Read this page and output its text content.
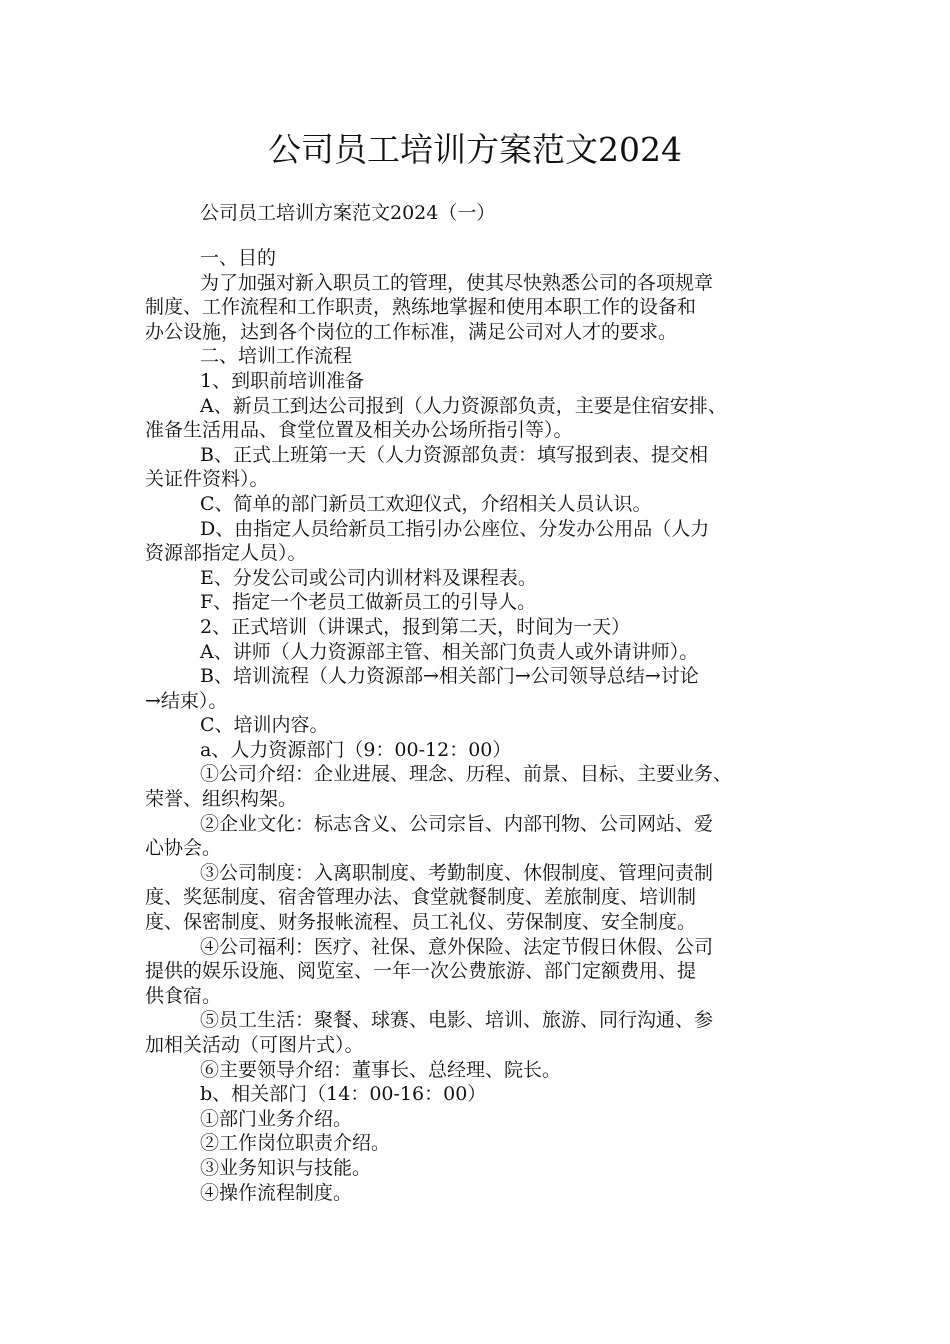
公司员工培训方案范文2024
公司员工培训方案范文2024（一）

一、目的

为了加强对新入职员工的管理，使其尽快熟悉公司的各项规章
制度、工作流程和工作职责，熟练地掌握和使用本职工作的设备和
办公设施，达到各个岗位的工作标准，满足公司对人才的要求。

二、培训工作流程

1、到职前培训准备

A、新员工到达公司报到（人力资源部负责，主要是住宿安排、
准备生活用品、食堂位置及相关办公场所指引等）。

B、正式上班第一天（人力资源部负责：填写报到表、提交相
关证件资料）。

C、简单的部门新员工欢迎仪式，介绍相关人员认识。

D、由指定人员给新员工指引办公座位、分发办公用品（人力
资源部指定人员）。

E、分发公司或公司内训材料及课程表。

F、指定一个老员工做新员工的引导人。

2、正式培训（讲课式，报到第二天，时间为一天）

A、讲师（人力资源部主管、相关部门负责人或外请讲师）。

B、培训流程（人力资源部→相关部门→公司领导总结→讨论
→结束）。

C、培训内容。

a、人力资源部门（9：00-12：00）

①公司介绍：企业进展、理念、历程、前景、目标、主要业务、
荣誉、组织构架。

②企业文化：标志含义、公司宗旨、内部刊物、公司网站、爱
心协会。

③公司制度：入离职制度、考勤制度、休假制度、管理问责制
度、奖惩制度、宿舍管理办法、食堂就餐制度、差旅制度、培训制
度、保密制度、财务报帐流程、员工礼仪、劳保制度、安全制度。

④公司福利：医疗、社保、意外保险、法定节假日休假、公司
提供的娱乐设施、阅览室、一年一次公费旅游、部门定额费用、提
供食宿。

⑤员工生活：聚餐、球赛、电影、培训、旅游、同行沟通、参
加相关活动（可图片式）。

⑥主要领导介绍：董事长、总经理、院长。

b、相关部门（14：00-16：00）

①部门业务介绍。

②工作岗位职责介绍。

③业务知识与技能。

④操作流程制度。
